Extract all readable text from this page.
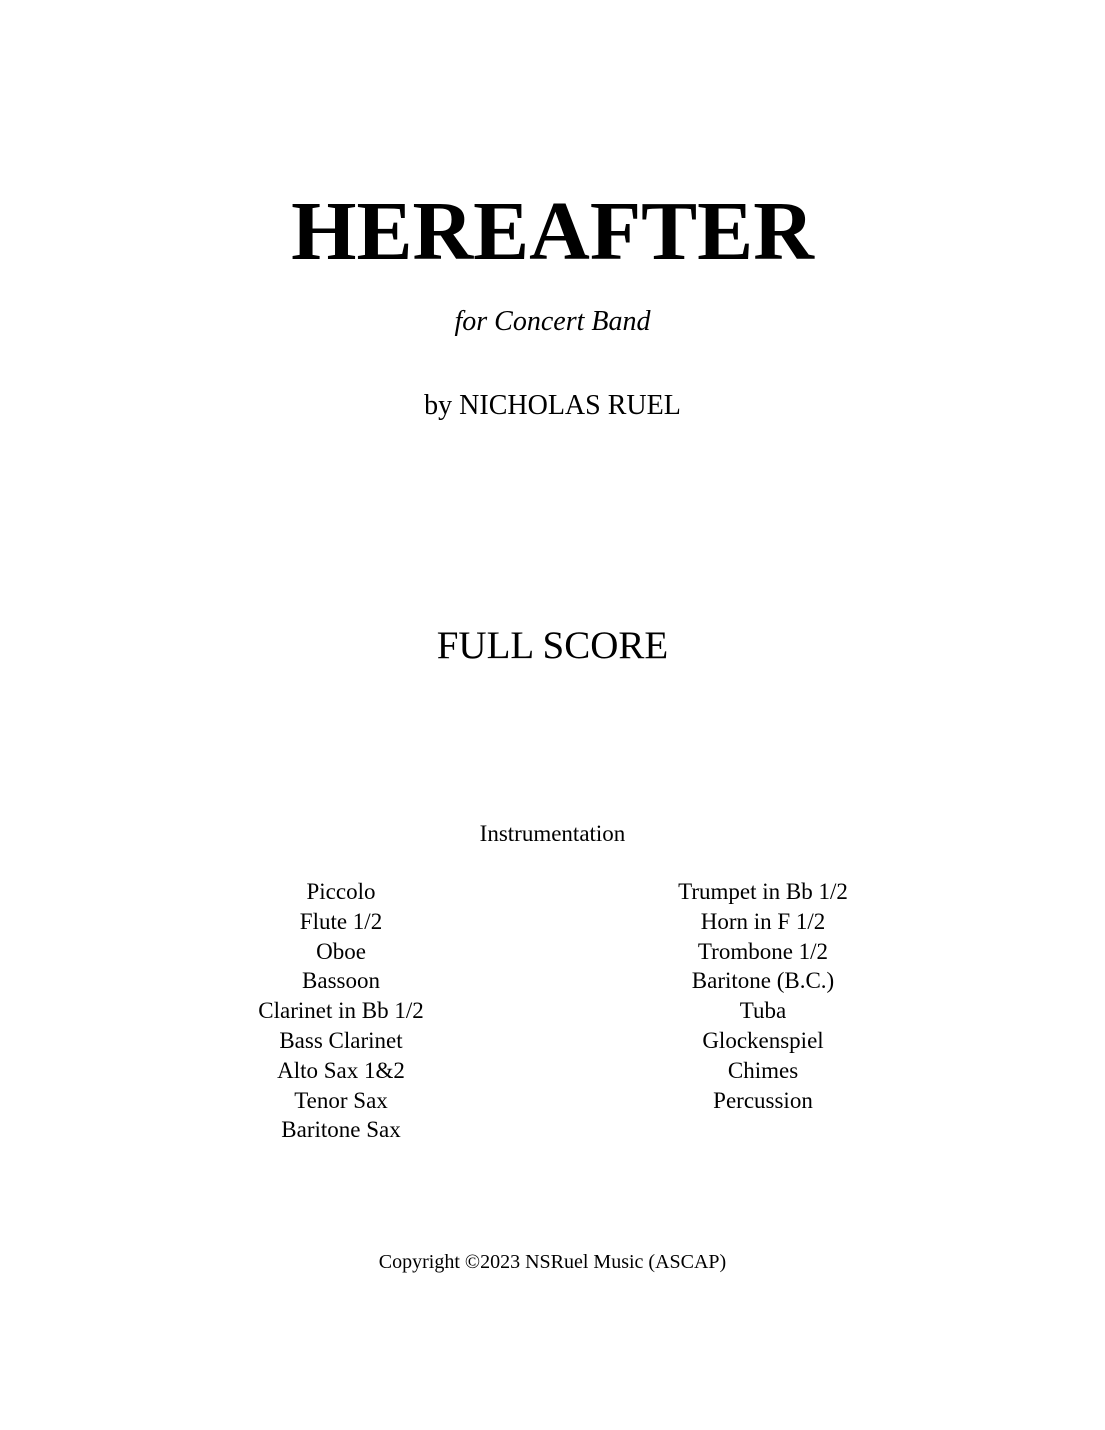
HEREAFTER
for Concert Band
by NICHOLAS RUEL
FULL SCORE
Instrumentation
Piccolo
Flute 1/2
Oboe
Bassoon
Clarinet in Bb 1/2
Bass Clarinet
Alto Sax 1&2
Tenor Sax
Baritone Sax
Trumpet in Bb 1/2
Horn in F 1/2
Trombone 1/2
Baritone (B.C.)
Tuba
Glockenspiel
Chimes
Percussion
Copyright ©2023 NSRuel Music (ASCAP)
